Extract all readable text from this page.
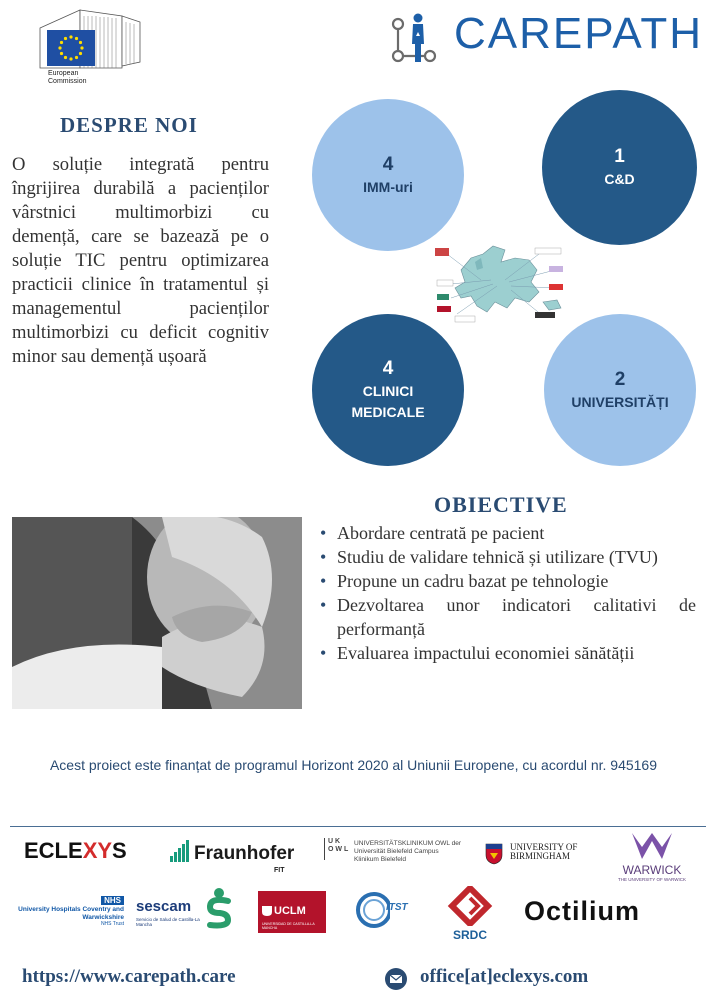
European
Commission
CAREPATH
DESPRE NOI

O soluție integrată pentru îngrijirea durabilă a pacienților vârstnici multimorbizi cu demență, care se bazează pe o soluție TIC pentru optimizarea practicii clinice în tratamentul și managementul pacienților multimorbizi cu deficit cognitiv minor sau demență ușoară

4
IMM-uri
1
C&D
4
CLINICI MEDICALE
2
UNIVERSITĂȚI
OBIECTIVE
• Abordare centrată pe pacient
• Studiu de validare tehnică și utilizare (TVU)
• Propune un cadru bazat pe tehnologie
• Dezvoltarea unor indicatori calitativi de performanță
• Evaluarea impactului economiei sănătății

Acest proiect este finanțat de programul Horizont 2020 al Uniunii Europene, cu acordul nr. 945169

ECLEXYS	Fraunhofer
FIT
U K
O W L
UNIVERSITÄTSKLINIKUM OWL der Universität Bielefeld Campus Klinikum Bielefeld
UNIVERSITY OF BIRMINGHAM
WARWICK
THE UNIVERSITY OF WARWICK
NHS
University Hospitals Coventry and Warwickshire
NHS Trust
sescam
Servicio de Salud de Castilla-La Mancha
UCLM
UNIVERSIDAD DE CASTILLA-LA MANCHA
ITST
SRDC
Octilium
https://www.carepath.care	office[at]eclexys.com
